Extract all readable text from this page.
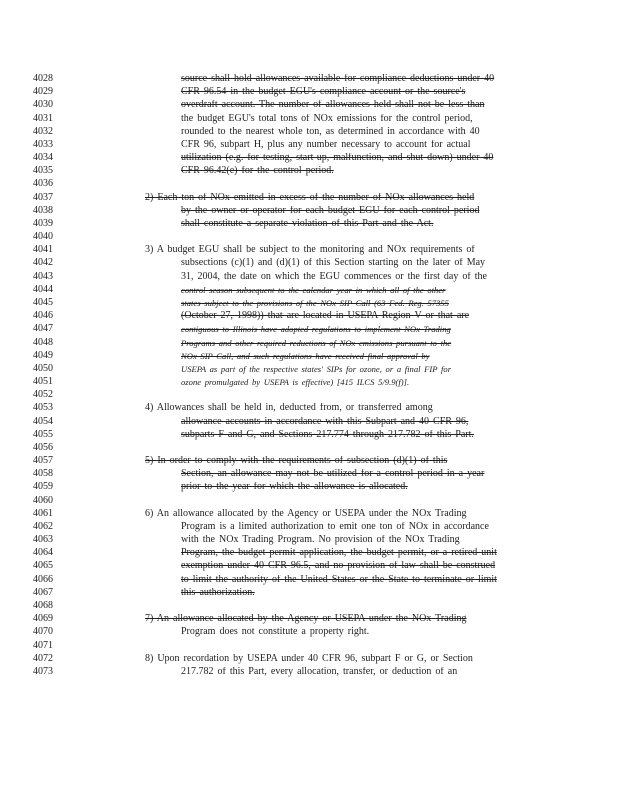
4028	source shall hold allowances available for compliance deductions under 40
4029	CFR 96.54 in the budget EGU's compliance account or the source's
4030	overdraft account. The number of allowances held shall not be less than
4031	the budget EGU's total tons of NOx emissions for the control period,
4032	rounded to the nearest whole ton, as determined in accordance with 40
4033	CFR 96, subpart H, plus any number necessary to account for actual
4034	utilization (e.g. for testing, start-up, malfunction, and shut down) under 40
4035	CFR 96.42(e) for the control period.
4036
4037	2) Each ton of NOx emitted in excess of the number of NOx allowances held
4038	by the owner or operator for each budget EGU for each control period
4039	shall constitute a separate violation of this Part and the Act.
4040
4041	3) A budget EGU shall be subject to the monitoring and NOx requirements of
4042	subsections (c)(1) and (d)(1) of this Section starting on the later of May
4043	31, 2004, the date on which the EGU commences or the first day of the
4044	control season subsequent to the calendar year in which all of the other
4045	states subject to the provisions of the NOx SIP Call (63 Fed. Reg. 57355
4046	(October 27, 1998)) that are located in USEPA Region V or that are
4047	contiguous to Illinois have adopted regulations to implement NOx Trading
4048	Programs and other required reductions of NOx emissions pursuant to the
4049	NOx SIP Call, and such regulations have received final approval by
4050	USEPA as part of the respective states' SIPs for ozone, or a final FIP for
4051	ozone promulgated by USEPA is effective) [415 ILCS 5/9.9(f)].
4052
4053	4) Allowances shall be held in, deducted from, or transferred among
4054	allowance accounts in accordance with this Subpart and 40 CFR 96,
4055	subparts F and G, and Sections 217.774 through 217.782 of this Part.
4056
4057	5) In order to comply with the requirements of subsection (d)(1) of this
4058	Section, an allowance may not be utilized for a control period in a year
4059	prior to the year for which the allowance is allocated.
4060
4061	6) An allowance allocated by the Agency or USEPA under the NOx Trading
4062	Program is a limited authorization to emit one ton of NOx in accordance
4063	with the NOx Trading Program. No provision of the NOx Trading
4064	Program, the budget permit application, the budget permit, or a retired unit
4065	exemption under 40 CFR 96.5, and no provision of law shall be construed
4066	to limit the authority of the United States or the State to terminate or limit
4067	this authorization.
4068
4069	7) An allowance allocated by the Agency or USEPA under the NOx Trading
4070	Program does not constitute a property right.
4071
4072	8) Upon recordation by USEPA under 40 CFR 96, subpart F or G, or Section
4073	217.782 of this Part, every allocation, transfer, or deduction of an
